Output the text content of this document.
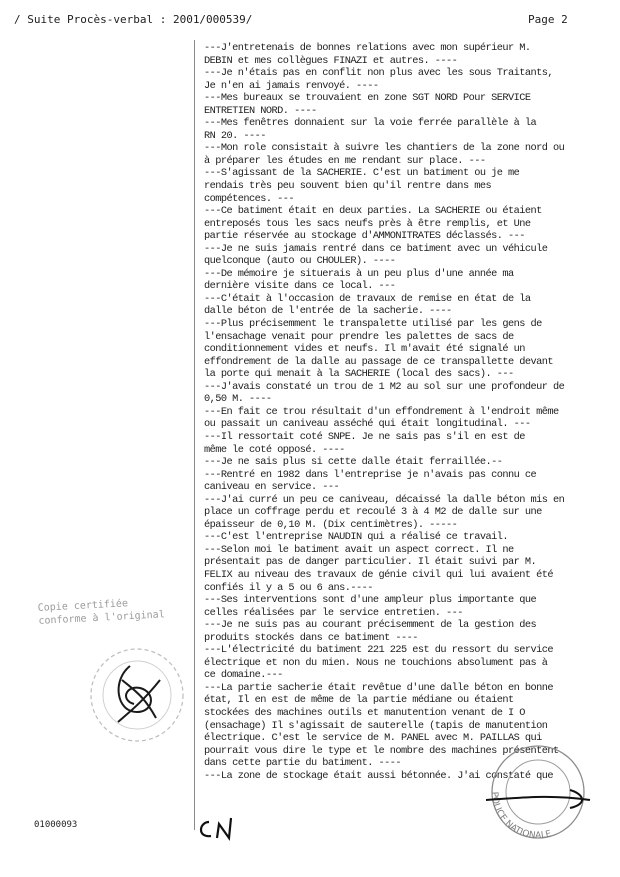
/ Suite Procès-verbal : 2001/000539/	Page 2
---J'entretenais de bonnes relations avec mon supérieur M.
DEBIN et mes collègues FINAZI et autres. ----
---Je n'étais pas en conflit non plus avec les sous Traitants,
Je n'en ai jamais renvoyé. ----
---Mes bureaux se trouvaient en zone SGT NORD Pour SERVICE
ENTRETIEN NORD. ----
---Mes fenêtres donnaient sur la voie ferrée parallèle à la
RN 20. ----
---Mon role consistait à suivre les chantiers de la zone nord ou
à préparer les études en me rendant sur place. ---
---S'agissant de la SACHERIE. C'est un batiment ou je me
rendais très peu souvent bien qu'il rentre dans mes
compétences. ---
---Ce batiment était en deux parties. La SACHERIE ou étaient
entreposés tous les sacs neufs près à être remplis, et Une
partie réservée au stockage d'AMMONITRATES déclassés. ---
---Je ne suis jamais rentré dans ce batiment avec un véhicule
quelconque (auto ou CHOULER). ----
---De mémoire je situerais à un peu plus d'une année ma
dernière visite dans ce local. ---
---C'était à l'occasion de travaux de remise en état de la
dalle béton de l'entrée de la sacherie. ----
---Plus précisemment le transpalette utilisé par les gens de
l'ensachage venait pour prendre les palettes de sacs de
conditionnement vides et neufs. Il m'avait été signalé un
effondrement de la dalle au passage de ce transpallette devant
la porte qui menait à la SACHERIE (local des sacs). ---
---J'avais constaté un trou de 1 M2 au sol sur une profondeur de
0,50 M. ----
---En fait ce trou résultait d'un effondrement à l'endroit même
ou passait un caniveau asséché qui était longitudinal. ---
---Il ressortait coté SNPE. Je ne sais pas s'il en est de
même le coté opposé. ----
---Je ne sais plus si cette dalle était ferraillée.--
---Rentré en 1982 dans l'entreprise je n'avais pas connu ce
caniveau en service. ---
---J'ai curré un peu ce caniveau, décaissé la dalle béton mis en
place un coffrage perdu et recoulé 3 à 4 M2 de dalle sur une
épaisseur de 0,10 M. (Dix centimètres). -----
---C'est l'entreprise NAUDIN qui a réalisé ce travail.
---Selon moi le batiment avait un aspect correct. Il ne
présentait pas de danger particulier. Il était suivi par M.
FELIX au niveau des travaux de génie civil qui lui avaient été
confiés il y a 5 ou 6 ans.----
---Ses interventions sont d'une ampleur plus importante que
celles réalisées par le service entretien. ---
---Je ne suis pas au courant précisemment de la gestion des
produits stockés dans ce batiment ----
---L'électricité du batiment 221 225 est du ressort du service
électrique et non du mien. Nous ne touchions absolument pas à
ce domaine.---
---La partie sacherie était revêtue d'une dalle béton en bonne
état, Il en est de même de la partie médiane ou étaient
stockées des machines outils et manutention venant de I O
(ensachage) Il s'agissait de sauterelle (tapis de manutention
électrique. C'est le service de M. PANEL avec M. PAILLAS qui
pourrait vous dire le type et le nombre des machines présentent
dans cette partie du batiment. ----
---La zone de stockage était aussi bétonnée. J'ai constaté que
Copie certifiée
conforme à l'original
POLICE NATIONALE
01000093
